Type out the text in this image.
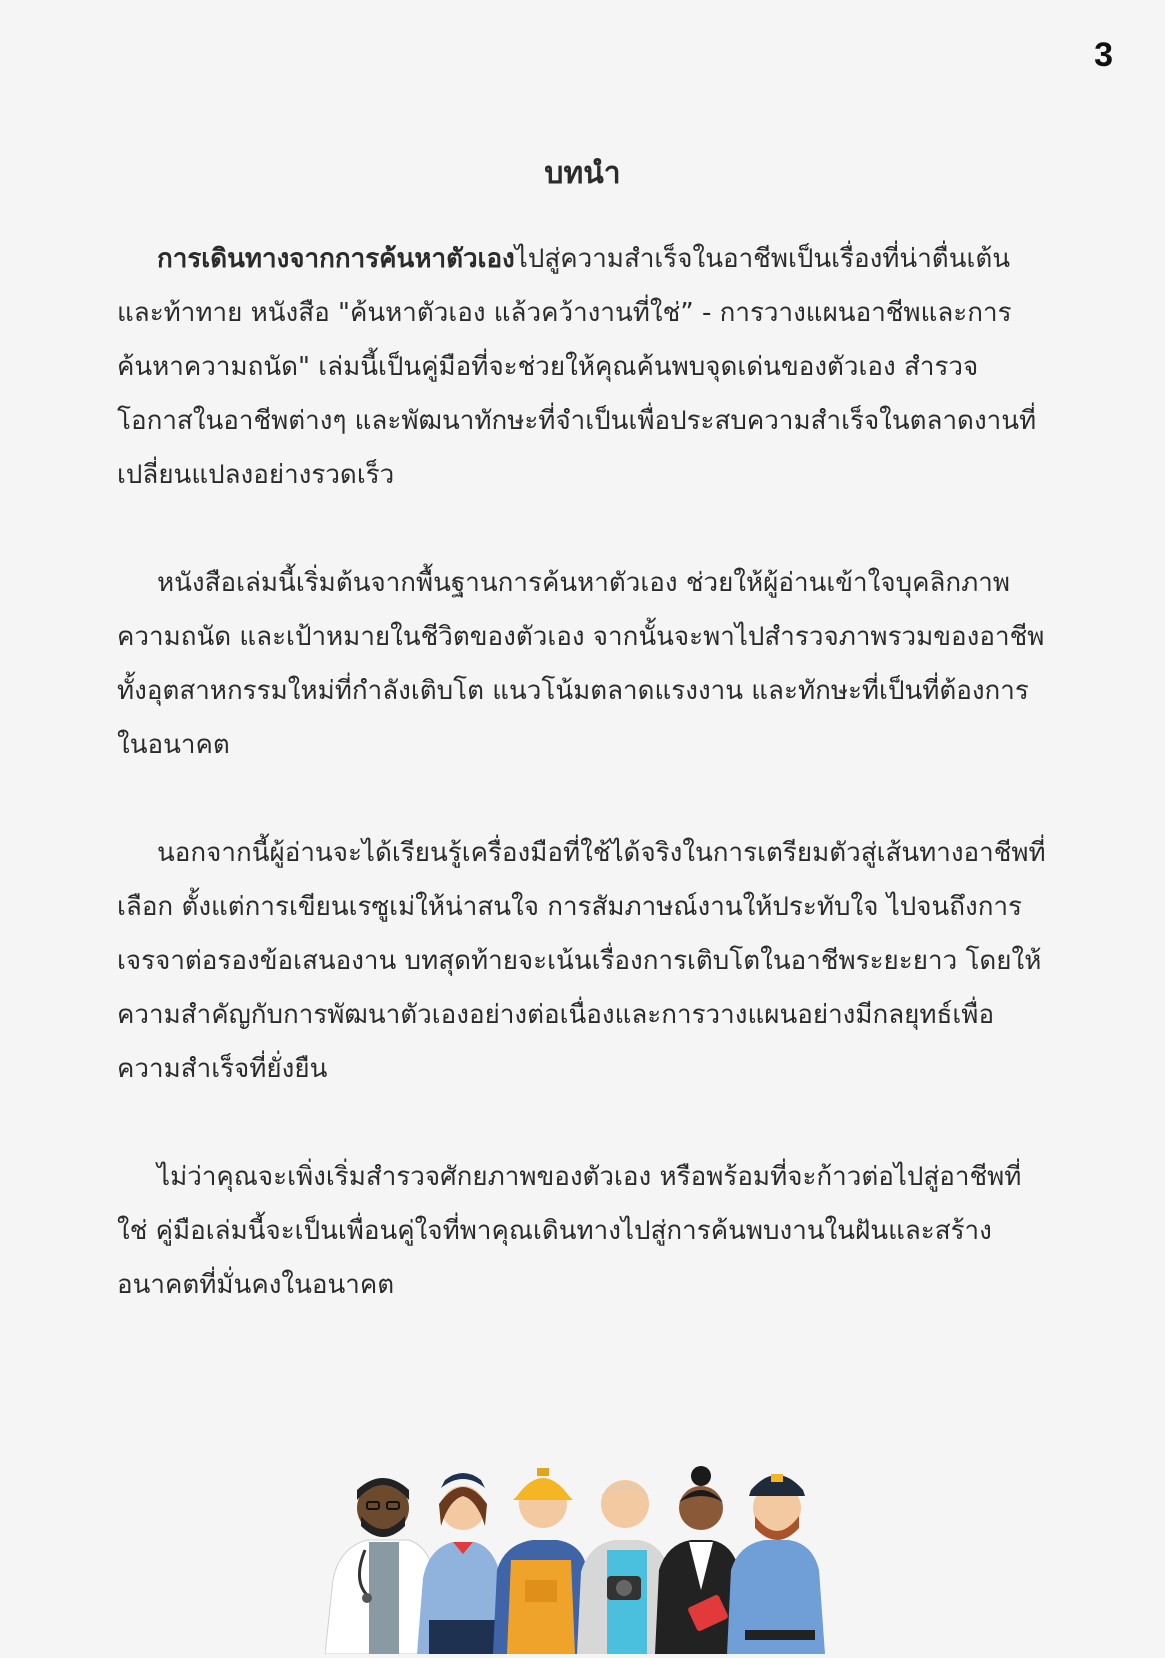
3
บทนำ

การเดินทางจากการค้นหาตัวเองไปสู่ความสำเร็จในอาชีพเป็นเรื่องที่น่าตื่นเต้นและท้าทาย หนังสือ "ค้นหาตัวเอง แล้วคว้างานที่ใช่” - การวางแผนอาชีพและการค้นหาความถนัด" เล่มนี้เป็นคู่มือที่จะช่วยให้คุณค้นพบจุดเด่นของตัวเอง สำรวจโอกาสในอาชีพต่างๆ และพัฒนาทักษะที่จำเป็นเพื่อประสบความสำเร็จในตลาดงานที่เปลี่ยนแปลงอย่างรวดเร็ว

หนังสือเล่มนี้เริ่มต้นจากพื้นฐานการค้นหาตัวเอง ช่วยให้ผู้อ่านเข้าใจบุคลิกภาพ ความถนัด และเป้าหมายในชีวิตของตัวเอง จากนั้นจะพาไปสำรวจภาพรวมของอาชีพ ทั้งอุตสาหกรรมใหม่ที่กำลังเติบโต แนวโน้มตลาดแรงงาน และทักษะที่เป็นที่ต้องการในอนาคต

นอกจากนี้ผู้อ่านจะได้เรียนรู้เครื่องมือที่ใช้ได้จริงในการเตรียมตัวสู่เส้นทางอาชีพที่เลือก ตั้งแต่การเขียนเรซูเม่ให้น่าสนใจ การสัมภาษณ์งานให้ประทับใจ ไปจนถึงการเจรจาต่อรองข้อเสนองาน บทสุดท้ายจะเน้นเรื่องการเติบโตในอาชีพระยะยาว โดยให้ความสำคัญกับการพัฒนาตัวเองอย่างต่อเนื่องและการวางแผนอย่างมีกลยุทธ์เพื่อความสำเร็จที่ยั่งยืน

ไม่ว่าคุณจะเพิ่งเริ่มสำรวจศักยภาพของตัวเอง หรือพร้อมที่จะก้าวต่อไปสู่อาชีพที่ใช่ คู่มือเล่มนี้จะเป็นเพื่อนคู่ใจที่พาคุณเดินทางไปสู่การค้นพบงานในฝันและสร้างอนาคตที่มั่นคงในอนาคต
